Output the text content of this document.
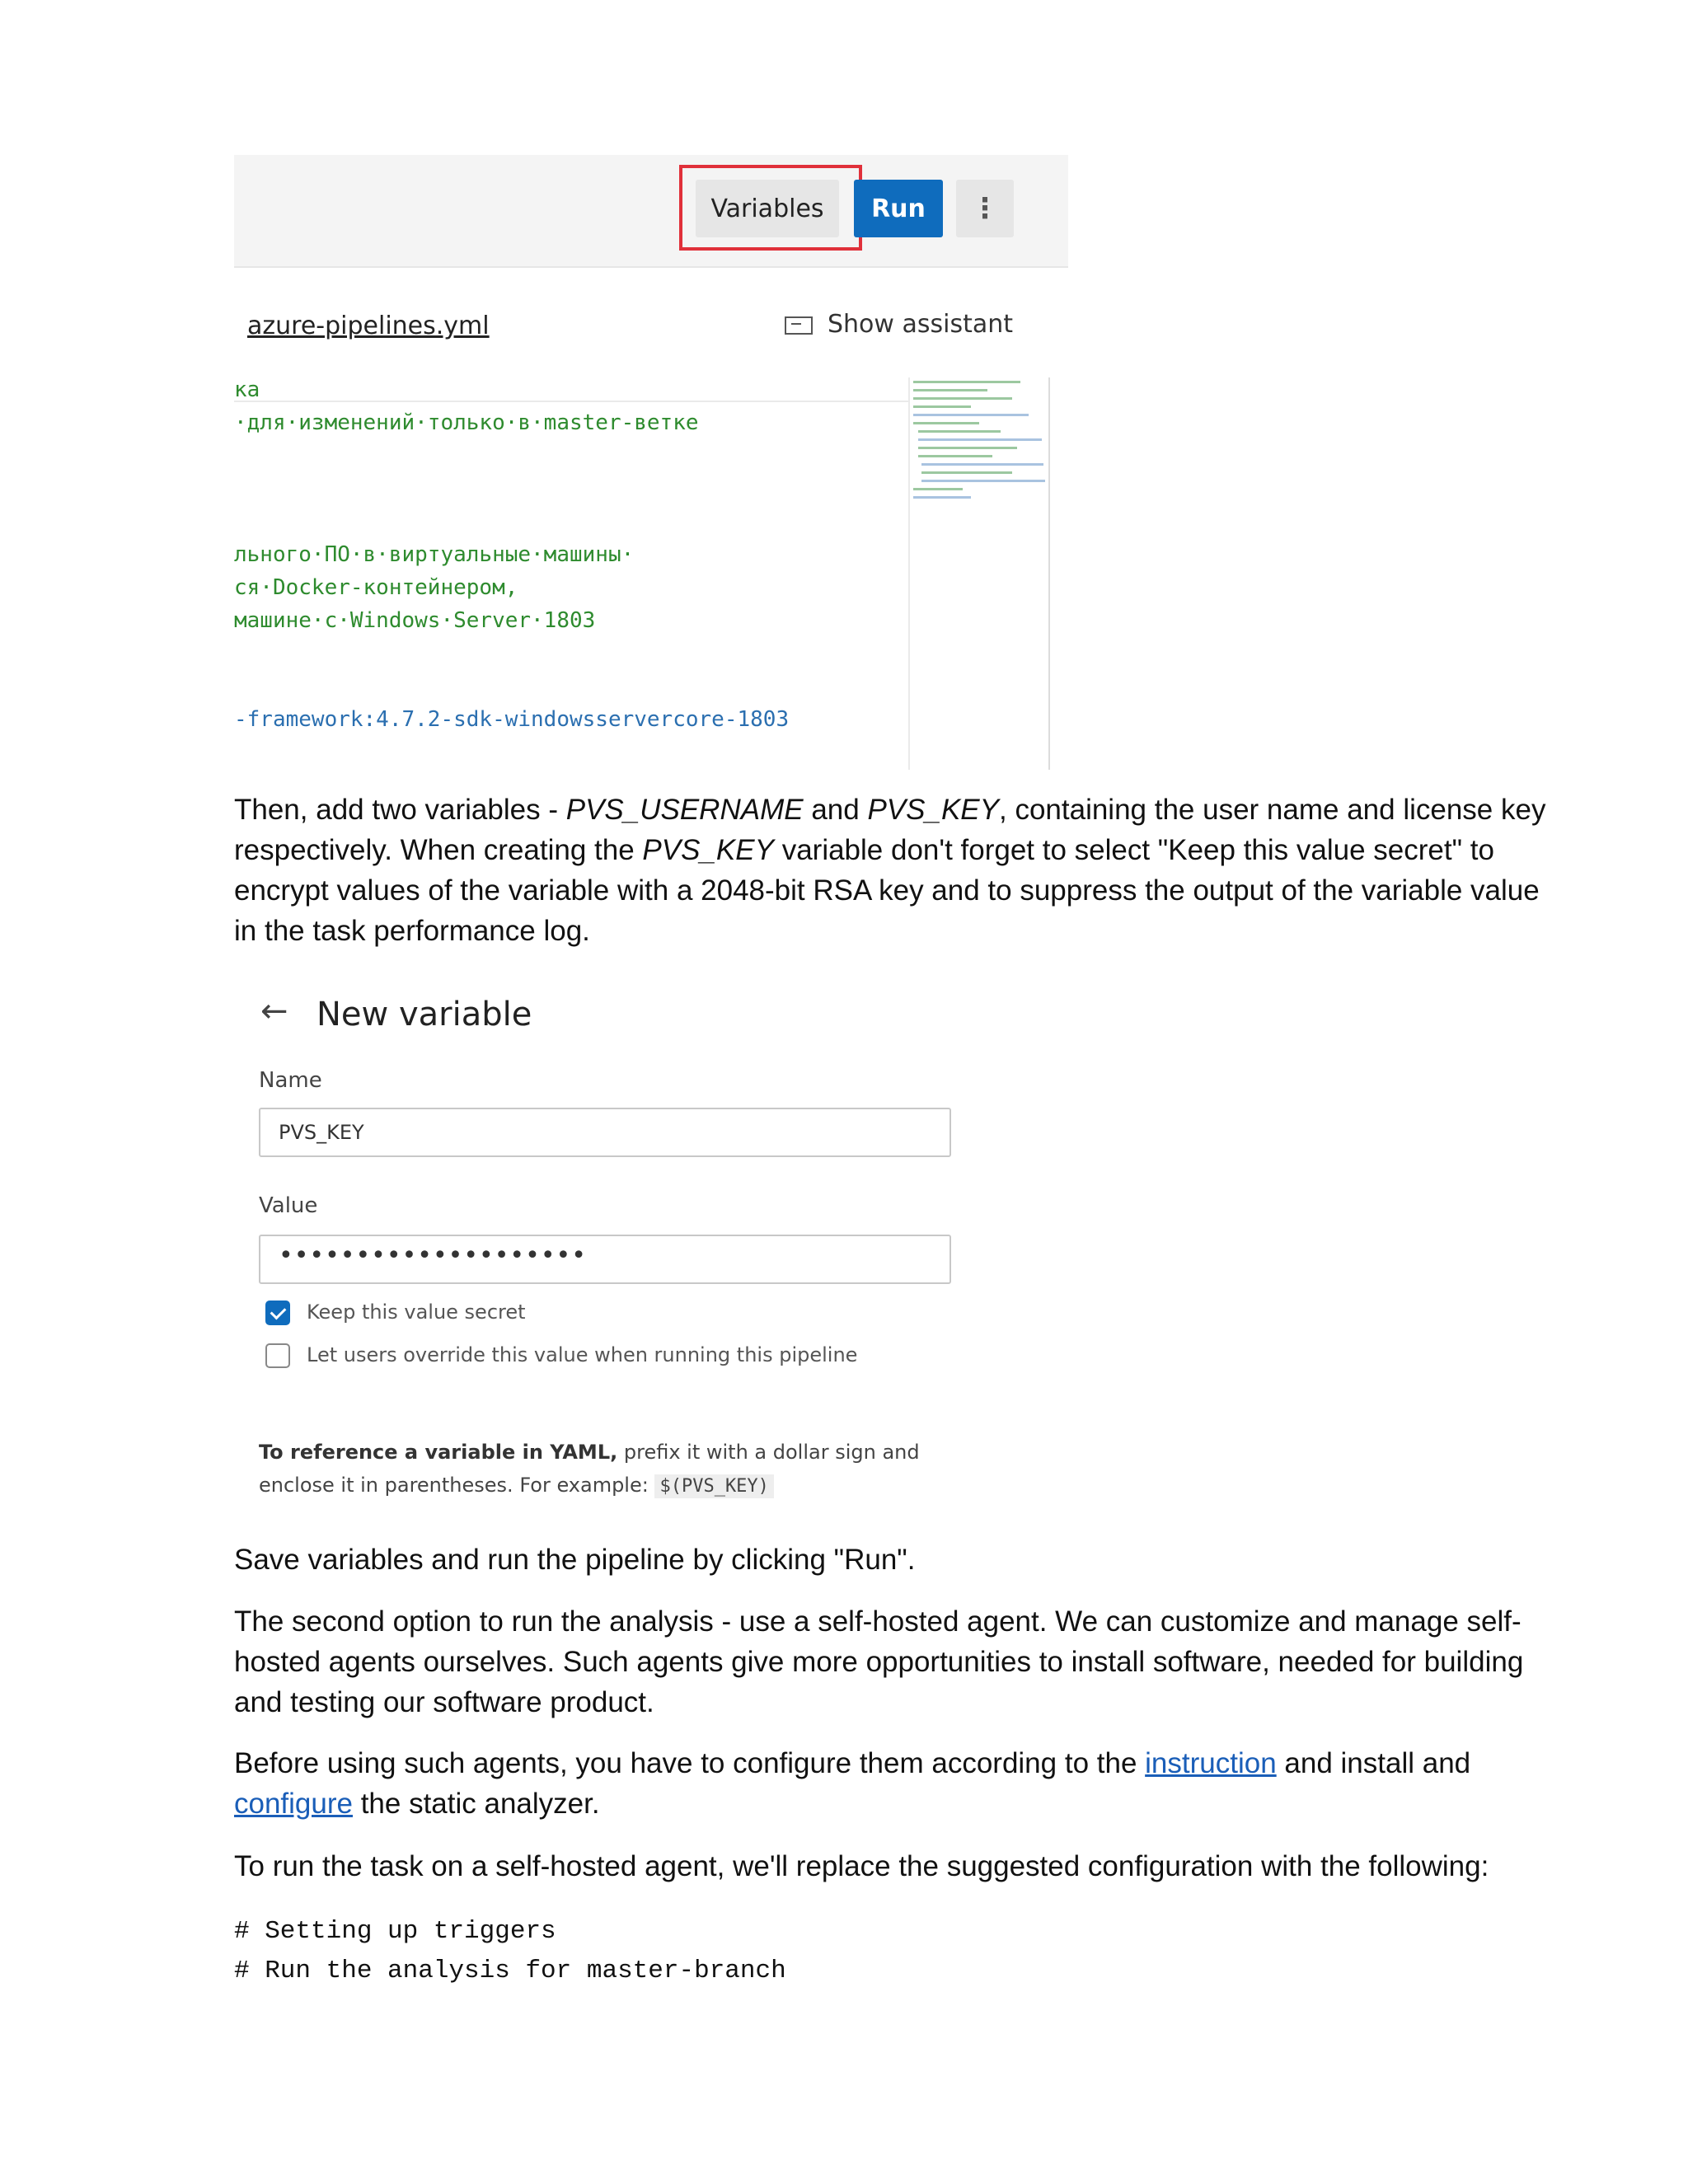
Variables	Run	⋮
azure-pipelines.yml	Show assistant
ка
·для·изменений·только·в·master-ветке
льного·ПО·в·виртуальные·машины·
ся·Docker-контейнером,
машине·с·Windows·Server·1803
-framework:4.7.2-sdk-windowsservercore-1803

Then, add two variables - PVS_USERNAME and PVS_KEY, containing the user name and license key respectively. When creating the PVS_KEY variable don't forget to select "Keep this value secret" to encrypt values of the variable with a 2048-bit RSA key and to suppress the output of the variable value in the task performance log.

← New variable
Name
PVS_KEY
Value
••••••••••••••••••••
Keep this value secret
Let users override this value when running this pipeline
To reference a variable in YAML, prefix it with a dollar sign and enclose it in parentheses. For example: $(PVS_KEY)

Save variables and run the pipeline by clicking "Run".

The second option to run the analysis - use a self-hosted agent. We can customize and manage self-hosted agents ourselves. Such agents give more opportunities to install software, needed for building and testing our software product.

Before using such agents, you have to configure them according to the instruction and install and configure the static analyzer.

To run the task on a self-hosted agent, we'll replace the suggested configuration with the following:

# Setting up triggers
# Run the analysis for master-branch
